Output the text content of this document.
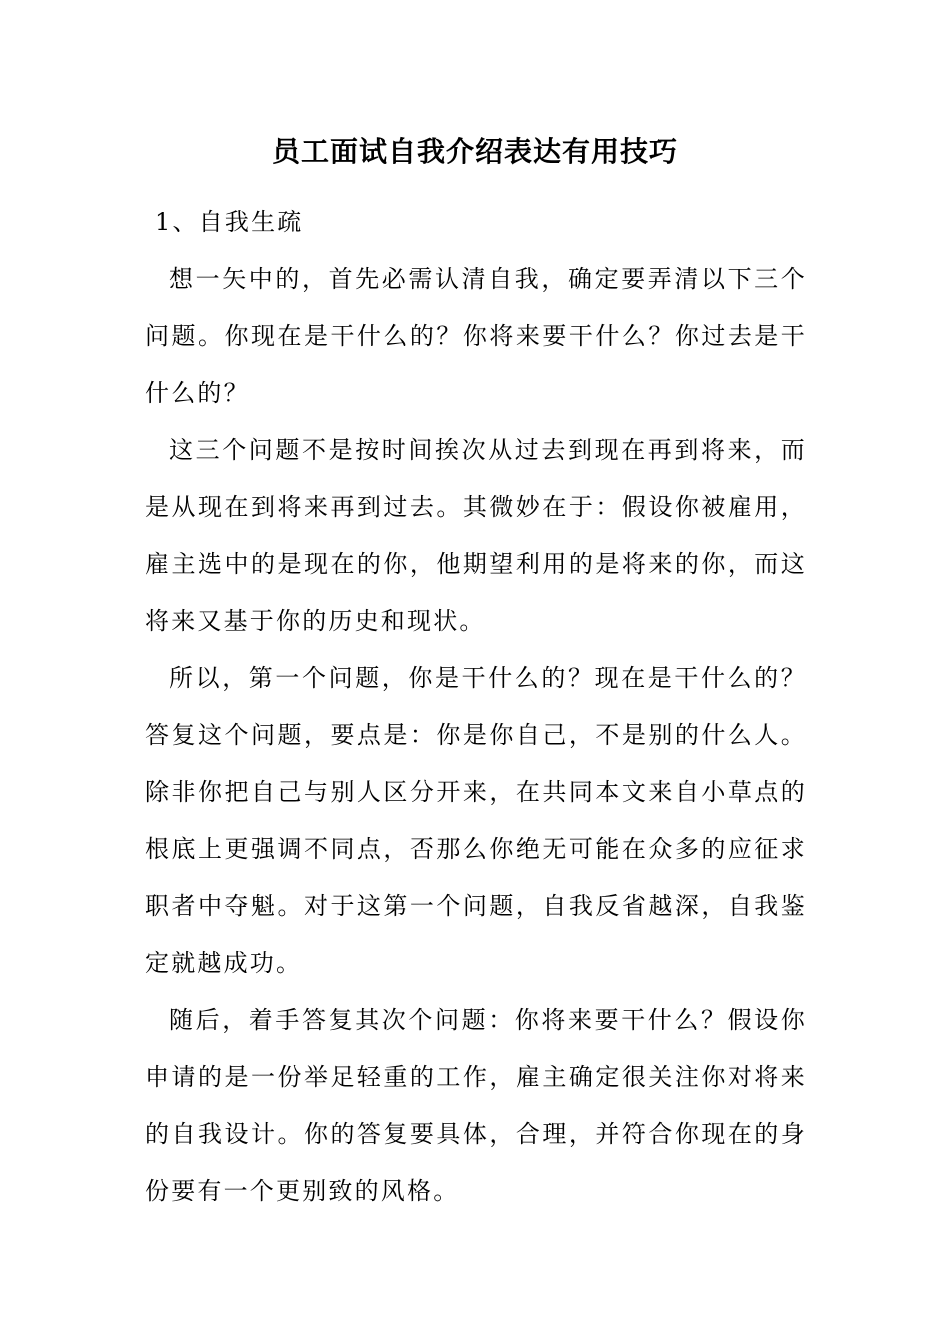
员工面试自我介绍表达有用技巧

1、自我生疏

想一矢中的，首先必需认清自我，确定要弄清以下三个问题。你现在是干什么的？你将来要干什么？你过去是干什么的？

这三个问题不是按时间挨次从过去到现在再到将来，而是从现在到将来再到过去。其微妙在于：假设你被雇用，雇主选中的是现在的你，他期望利用的是将来的你，而这将来又基于你的历史和现状。

所以，第一个问题，你是干什么的？现在是干什么的？答复这个问题，要点是：你是你自己，不是别的什么人。除非你把自己与别人区分开来，在共同本文来自小草点的根底上更强调不同点，否那么你绝无可能在众多的应征求职者中夺魁。对于这第一个问题，自我反省越深，自我鉴定就越成功。

随后，着手答复其次个问题：你将来要干什么？假设你申请的是一份举足轻重的工作，雇主确定很关注你对将来的自我设计。你的答复要具体，合理，并符合你现在的身份要有一个更别致的风格。
